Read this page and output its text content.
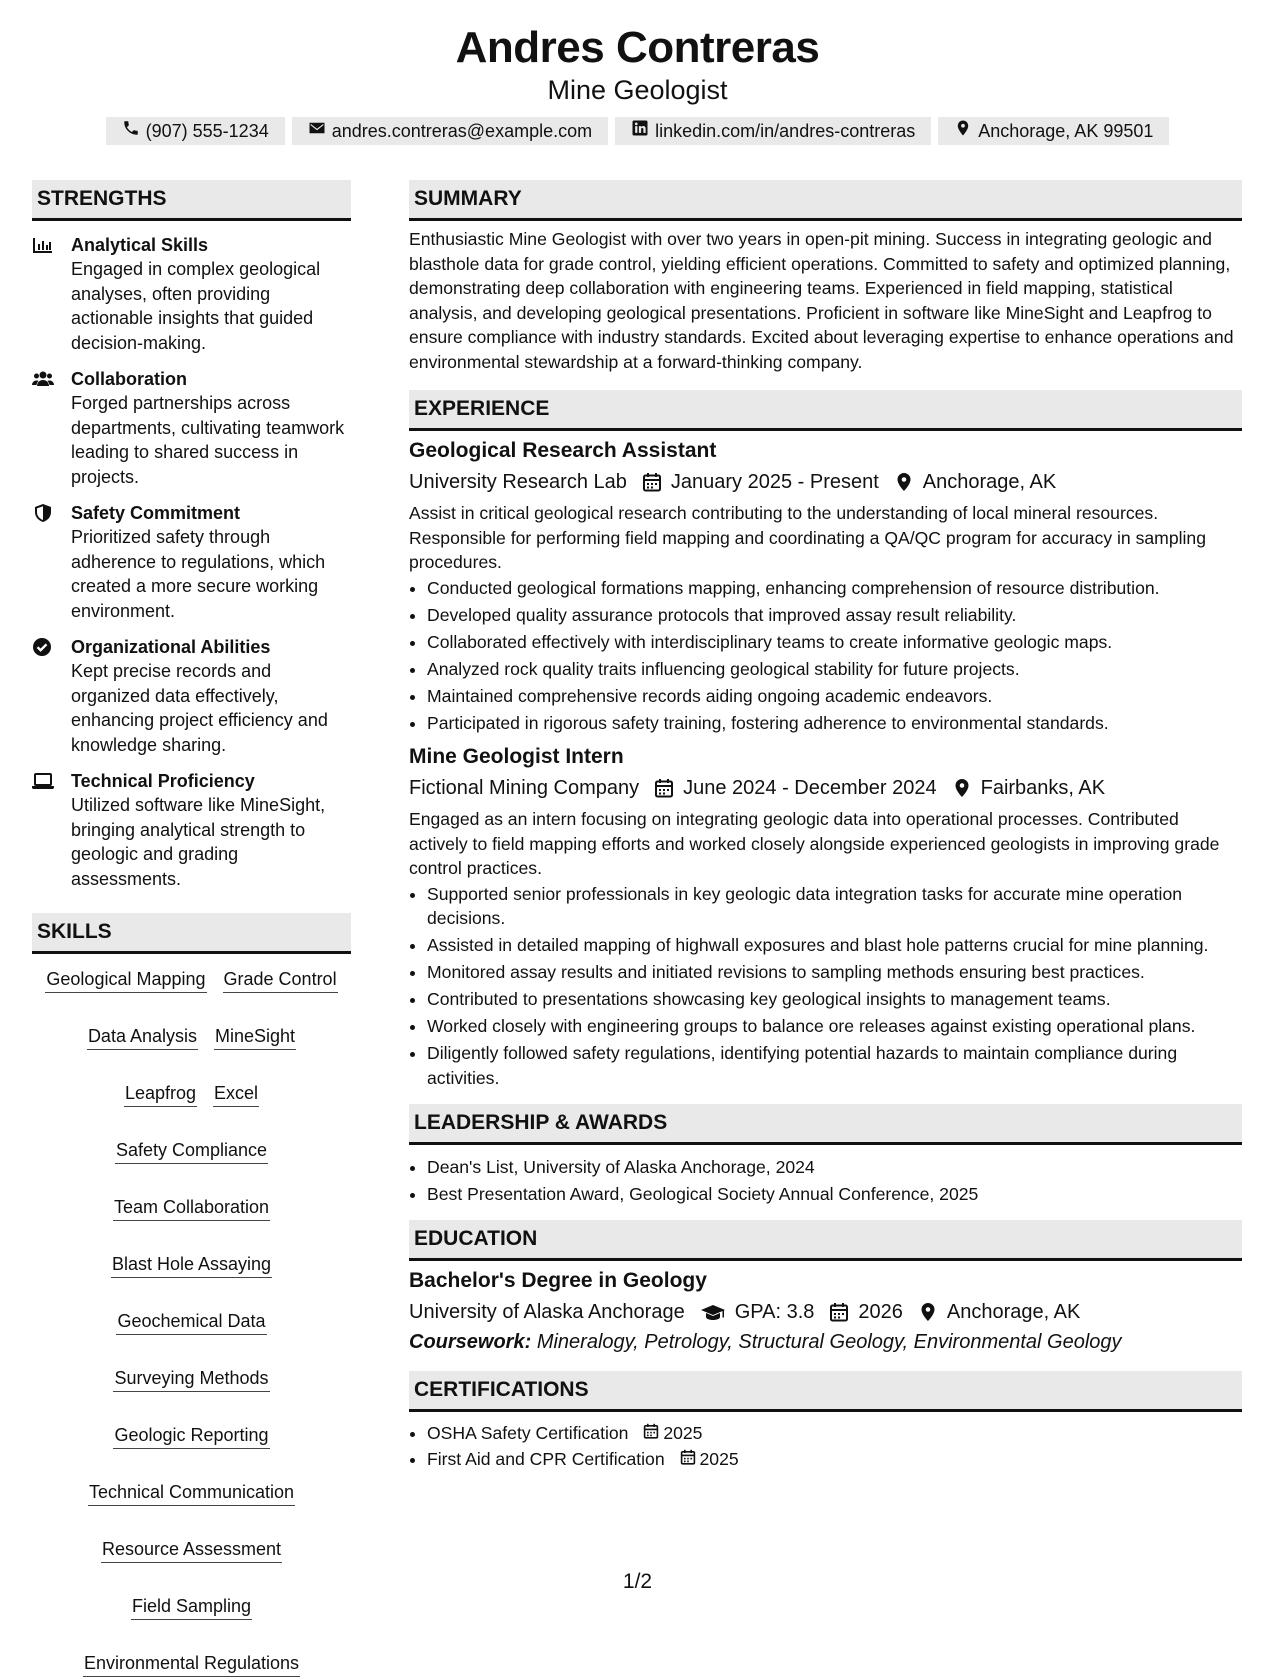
Andres Contreras
Mine Geologist
(907) 555-1234	andres.contreras@example.com	linkedin.com/in/andres-contreras	Anchorage, AK 99501
STRENGTHS
Analytical Skills
Engaged in complex geological analyses, often providing actionable insights that guided decision-making.
Collaboration
Forged partnerships across departments, cultivating teamwork leading to shared success in projects.
Safety Commitment
Prioritized safety through adherence to regulations, which created a more secure working environment.
Organizational Abilities
Kept precise records and organized data effectively, enhancing project efficiency and knowledge sharing.
Technical Proficiency
Utilized software like MineSight, bringing analytical strength to geologic and grading assessments.
SKILLS
Geological Mapping Grade Control
Data Analysis MineSight
Leapfrog Excel
Safety Compliance
Team Collaboration
Blast Hole Assaying
Geochemical Data
Surveying Methods
Geologic Reporting
Technical Communication
Resource Assessment
Field Sampling
Environmental Regulations
SUMMARY
Enthusiastic Mine Geologist with over two years in open-pit mining. Success in integrating geologic and blasthole data for grade control, yielding efficient operations. Committed to safety and optimized planning, demonstrating deep collaboration with engineering teams. Experienced in field mapping, statistical analysis, and developing geological presentations. Proficient in software like MineSight and Leapfrog to ensure compliance with industry standards. Excited about leveraging expertise to enhance operations and environmental stewardship at a forward-thinking company.
EXPERIENCE
Geological Research Assistant
University Research Lab January 2025 - Present Anchorage, AK
Assist in critical geological research contributing to the understanding of local mineral resources. Responsible for performing field mapping and coordinating a QA/QC program for accuracy in sampling procedures.
• Conducted geological formations mapping, enhancing comprehension of resource distribution.
• Developed quality assurance protocols that improved assay result reliability.
• Collaborated effectively with interdisciplinary teams to create informative geologic maps.
• Analyzed rock quality traits influencing geological stability for future projects.
• Maintained comprehensive records aiding ongoing academic endeavors.
• Participated in rigorous safety training, fostering adherence to environmental standards.
Mine Geologist Intern
Fictional Mining Company June 2024 - December 2024 Fairbanks, AK
Engaged as an intern focusing on integrating geologic data into operational processes. Contributed actively to field mapping efforts and worked closely alongside experienced geologists in improving grade control practices.
• Supported senior professionals in key geologic data integration tasks for accurate mine operation decisions.
• Assisted in detailed mapping of highwall exposures and blast hole patterns crucial for mine planning.
• Monitored assay results and initiated revisions to sampling methods ensuring best practices.
• Contributed to presentations showcasing key geological insights to management teams.
• Worked closely with engineering groups to balance ore releases against existing operational plans.
• Diligently followed safety regulations, identifying potential hazards to maintain compliance during activities.
LEADERSHIP & AWARDS
• Dean's List, University of Alaska Anchorage, 2024
• Best Presentation Award, Geological Society Annual Conference, 2025
EDUCATION
Bachelor's Degree in Geology
University of Alaska Anchorage	GPA: 3.8 2026 Anchorage, AK
Coursework: Mineralogy, Petrology, Structural Geology, Environmental Geology
CERTIFICATIONS
• OSHA Safety Certification 2025
• First Aid and CPR Certification 2025
1/2
